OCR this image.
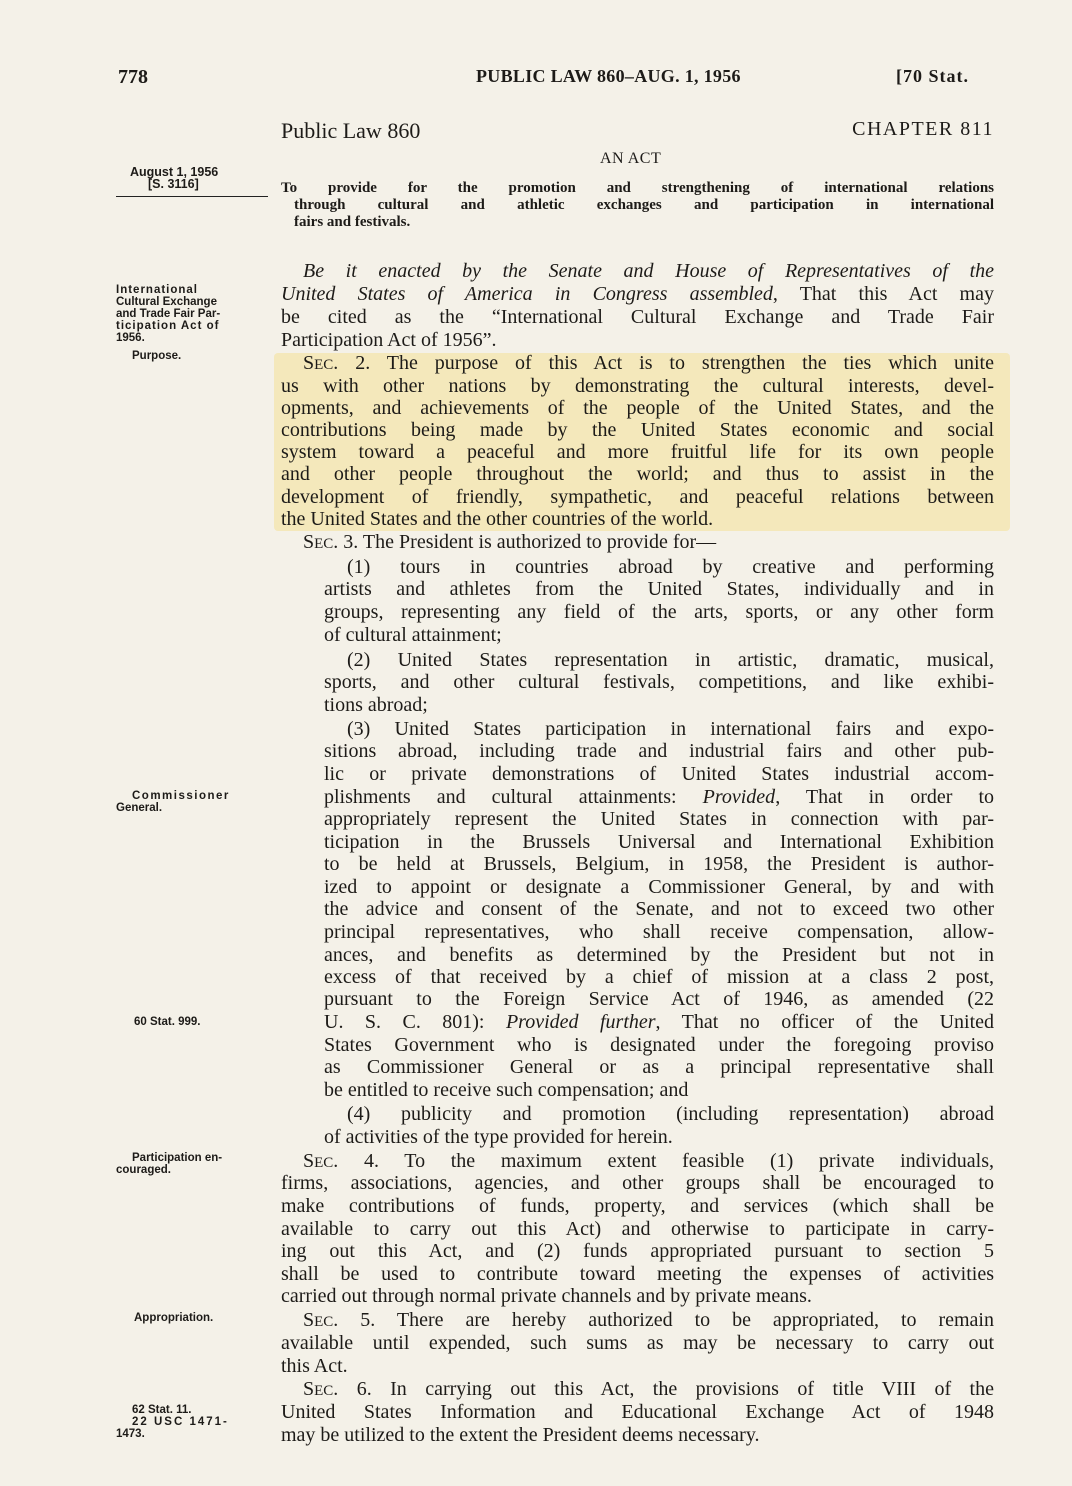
778	PUBLIC LAW 860–AUG. 1, 1956	[70 Stat.
Public Law 860	CHAPTER 811
AN ACT
To provide for the promotion and strengthening of international relations
through cultural and athletic exchanges and participation in international
fairs and festivals.
August 1, 1956
[S. 3116]
International
Cultural Exchange
and Trade Fair Par-
ticipation Act of
1956.
Purpose.
Commissioner
General.
60 Stat. 999.
Participation en-
couraged.
Appropriation.
62 Stat. 11.
22 USC 1471-
1473.
Be it enacted by the Senate and House of Representatives of the
United States of America in Congress assembled, That this Act may
be cited as the “International Cultural Exchange and Trade Fair
Participation Act of 1956”.
SEC. 2. The purpose of this Act is to strengthen the ties which unite
us with other nations by demonstrating the cultural interests, devel-
opments, and achievements of the people of the United States, and the
contributions being made by the United States economic and social
system toward a peaceful and more fruitful life for its own people
and other people throughout the world; and thus to assist in the
development of friendly, sympathetic, and peaceful relations between
the United States and the other countries of the world.
SEC. 3. The President is authorized to provide for—
(1) tours in countries abroad by creative and performing
artists and athletes from the United States, individually and in
groups, representing any field of the arts, sports, or any other form
of cultural attainment;
(2) United States representation in artistic, dramatic, musical,
sports, and other cultural festivals, competitions, and like exhibi-
tions abroad;
(3) United States participation in international fairs and expo-
sitions abroad, including trade and industrial fairs and other pub-
lic or private demonstrations of United States industrial accom-
plishments and cultural attainments: Provided, That in order to
appropriately represent the United States in connection with par-
ticipation in the Brussels Universal and International Exhibition
to be held at Brussels, Belgium, in 1958, the President is author-
ized to appoint or designate a Commissioner General, by and with
the advice and consent of the Senate, and not to exceed two other
principal representatives, who shall receive compensation, allow-
ances, and benefits as determined by the President but not in
excess of that received by a chief of mission at a class 2 post,
pursuant to the Foreign Service Act of 1946, as amended (22
U. S. C. 801): Provided further, That no officer of the United
States Government who is designated under the foregoing proviso
as Commissioner General or as a principal representative shall
be entitled to receive such compensation; and
(4) publicity and promotion (including representation) abroad
of activities of the type provided for herein.
SEC. 4. To the maximum extent feasible (1) private individuals,
firms, associations, agencies, and other groups shall be encouraged to
make contributions of funds, property, and services (which shall be
available to carry out this Act) and otherwise to participate in carry-
ing out this Act, and (2) funds appropriated pursuant to section 5
shall be used to contribute toward meeting the expenses of activities
carried out through normal private channels and by private means.
SEC. 5. There are hereby authorized to be appropriated, to remain
available until expended, such sums as may be necessary to carry out
this Act.
SEC. 6. In carrying out this Act, the provisions of title VIII of the
United States Information and Educational Exchange Act of 1948
may be utilized to the extent the President deems necessary.
